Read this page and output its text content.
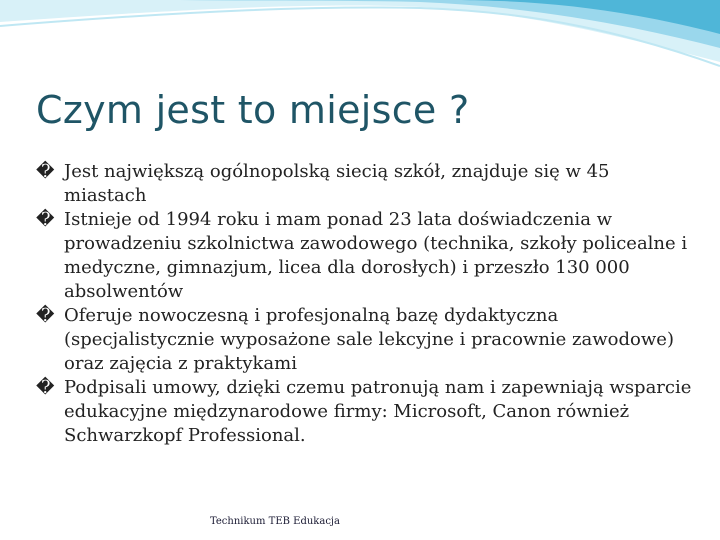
Czym jest to miejsce ?
� Jest największą ogólnopolską siecią szkół, znajduje się w 45 miastach
� Istnieje od 1994 roku i mam ponad 23 lata doświadczenia w prowadzeniu szkolnictwa zawodowego (technika, szkoły policealne i medyczne, gimnazjum, licea dla dorosłych) i przeszło 130 000 absolwentów
� Oferuje nowoczesną i profesjonalną bazę dydaktyczna (specjalistycznie wyposażone sale lekcyjne i pracownie zawodowe) oraz zajęcia z praktykami
� Podpisali umowy, dzięki czemu patronują nam i zapewniają wsparcie edukacyjne międzynarodowe firmy: Microsoft, Canon również Schwarzkopf Professional.
Technikum TEB Edukacja
